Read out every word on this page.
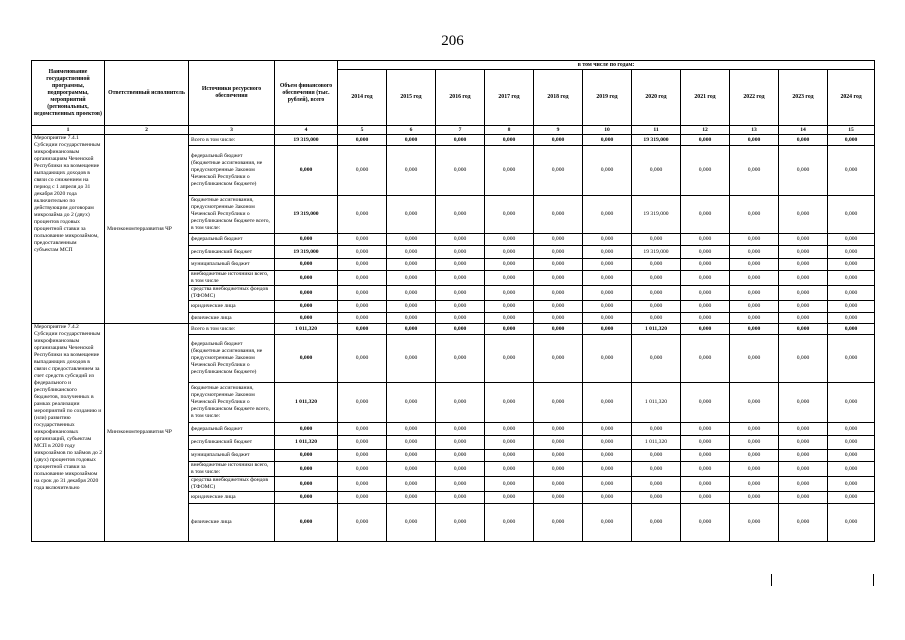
206
Наименование государственной программы, подпрограммы, мероприятий (региональных, ведомственных проектов)	Ответственный исполнитель	Источники ресурсного обеспечения	Объем финансового обеспечения (тыс. рублей), всего	в том числе по годам:										
				2014 год	2015 год	2016 год	2017 год	2018 год	2019 год	2020 год	2021 год	2022 год	2023 год	2024 год
1	2	3	4	5	6	7	8	9	10	11	12	13	14	15
Мероприятие 7.4.1 Субсидии государственным микрофинансовым организациям Чеченской Республики на возмещение выпадающих доходов в связи со снижением на период с 1 апреля до 31 декабря 2020 года включительно по действующим договорам микрозайма до 2 (двух) процентов годовых процентной ставки за пользование микрозаймом, предоставленным субъектам МСП	Минэкономтерразвития ЧР	Всего в том числе:	19 319,000	0,000	0,000	0,000	0,000	0,000	0,000	19 319,000	0,000	0,000	0,000	0,000
		федеральный бюджет (бюджетные ассигнования, не предусмотренные Законом Чеченской Республики о республиканском бюджете)	0,000	0,000	0,000	0,000	0,000	0,000	0,000	0,000	0,000	0,000	0,000	0,000
		бюджетные ассигнования, предусмотренные Законом Чеченской Республики о республиканском бюджете всего, в том числе:	19 319,000	0,000	0,000	0,000	0,000	0,000	0,000	19 319,000	0,000	0,000	0,000	0,000
		федеральный бюджет	0,000	0,000	0,000	0,000	0,000	0,000	0,000	0,000	0,000	0,000	0,000	0,000
		республиканский бюджет	19 319,000	0,000	0,000	0,000	0,000	0,000	0,000	19 319,000	0,000	0,000	0,000	0,000
		муниципальный бюджет	0,000	0,000	0,000	0,000	0,000	0,000	0,000	0,000	0,000	0,000	0,000	0,000
		внебюджетные источники всего, в том числе	0,000	0,000	0,000	0,000	0,000	0,000	0,000	0,000	0,000	0,000	0,000	0,000
		средства внебюджетных фондов (ТФОМС)	0,000	0,000	0,000	0,000	0,000	0,000	0,000	0,000	0,000	0,000	0,000	0,000
		юридические лица	0,000	0,000	0,000	0,000	0,000	0,000	0,000	0,000	0,000	0,000	0,000	0,000
		физические лица	0,000	0,000	0,000	0,000	0,000	0,000	0,000	0,000	0,000	0,000	0,000	0,000
Мероприятие 7.4.2 Субсидии государственным микрофинансовым организациям Чеченской Республики на возмещение выпадающих доходов в связи с предоставлением за счет средств субсидий из федерального и республиканского бюджетов, полученных в рамках реализации мероприятий по созданию и (или) развитию государственных микрофинансовых организаций, субъектам МСП в 2020 году микрозаймов по займов до 2 (двух) процентов годовых процентной ставки за пользование микрозаймом на срок до 31 декабря 2020 года включительно	Минэкономтерразвития ЧР	Всего в том числе:	1 011,320	0,000	0,000	0,000	0,000	0,000	0,000	1 011,320	0,000	0,000	0,000	0,000
		федеральный бюджет (бюджетные ассигнования, не предусмотренные Законом Чеченской Республики о республиканском бюджете)	0,000	0,000	0,000	0,000	0,000	0,000	0,000	0,000	0,000	0,000	0,000	0,000
		бюджетные ассигнования, предусмотренные Законом Чеченской Республики о республиканском бюджете всего, в том числе:	1 011,320	0,000	0,000	0,000	0,000	0,000	0,000	1 011,320	0,000	0,000	0,000	0,000
		федеральный бюджет	0,000	0,000	0,000	0,000	0,000	0,000	0,000	0,000	0,000	0,000	0,000	0,000
		республиканский бюджет	1 011,320	0,000	0,000	0,000	0,000	0,000	0,000	1 011,320	0,000	0,000	0,000	0,000
		муниципальный бюджет	0,000	0,000	0,000	0,000	0,000	0,000	0,000	0,000	0,000	0,000	0,000	0,000
		внебюджетные источники всего, в том числе:	0,000	0,000	0,000	0,000	0,000	0,000	0,000	0,000	0,000	0,000	0,000	0,000
		средства внебюджетных фондов (ТФОМС)	0,000	0,000	0,000	0,000	0,000	0,000	0,000	0,000	0,000	0,000	0,000	0,000
		юридические лица	0,000	0,000	0,000	0,000	0,000	0,000	0,000	0,000	0,000	0,000	0,000	0,000
		физические лица	0,000	0,000	0,000	0,000	0,000	0,000	0,000	0,000	0,000	0,000	0,000	0,000
